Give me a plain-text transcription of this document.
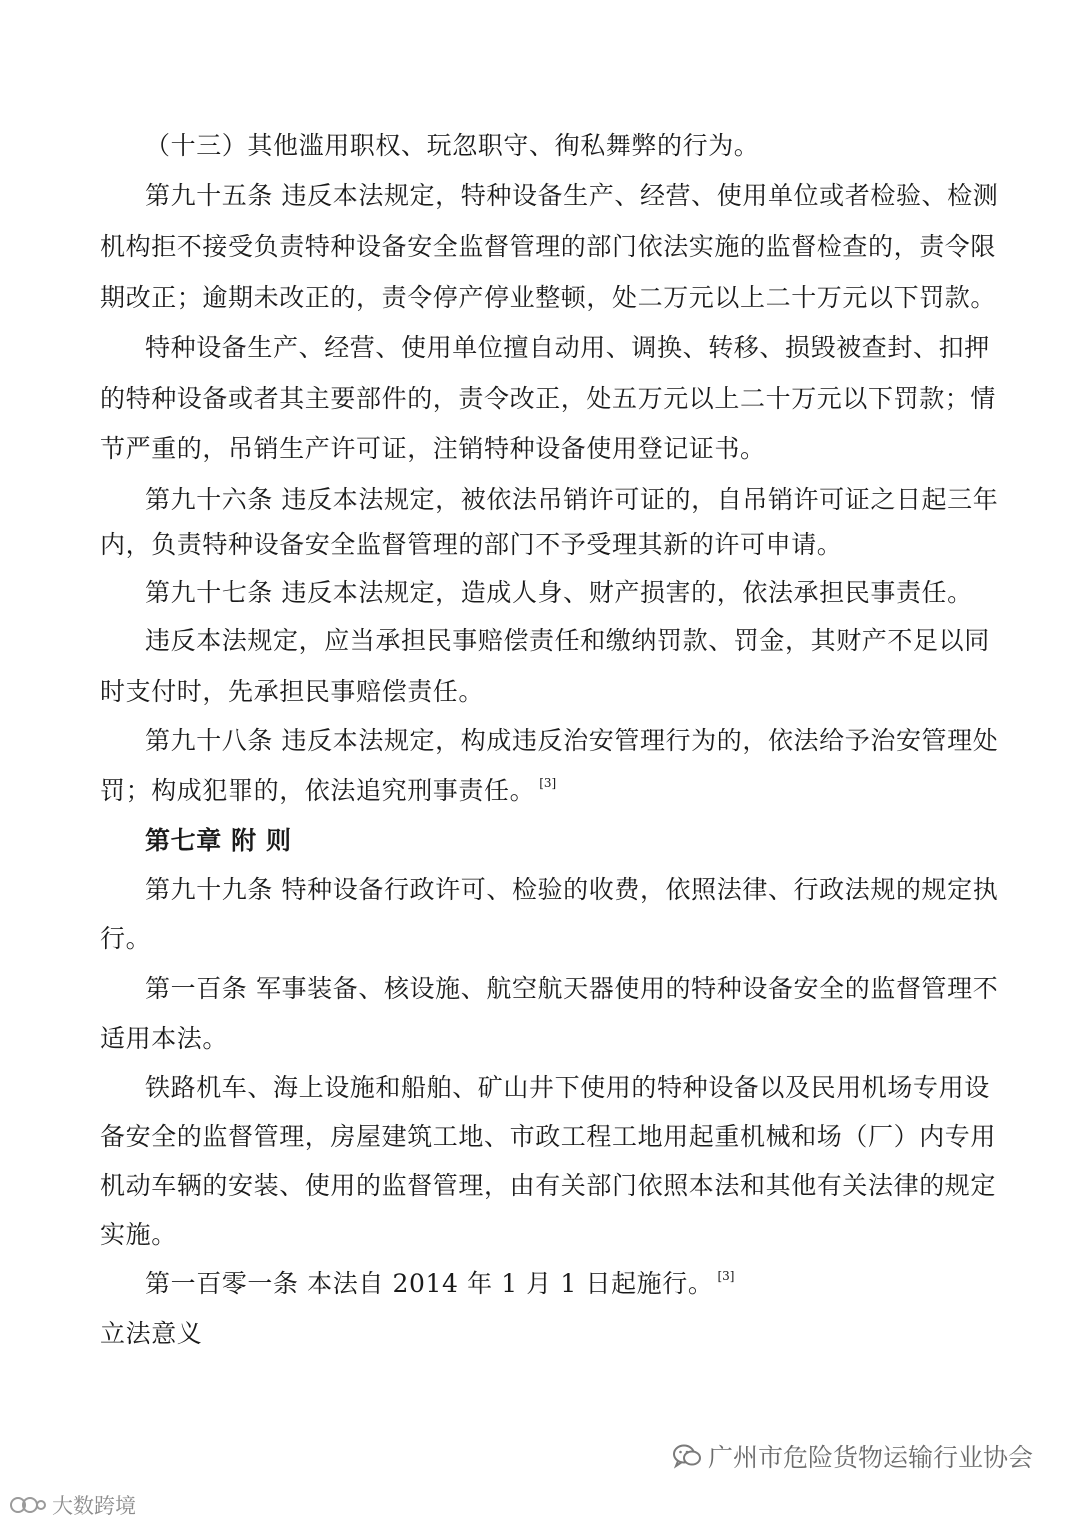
（十三）其他滥用职权、玩忽职守、徇私舞弊的行为。
第九十五条 违反本法规定，特种设备生产、经营、使用单位或者检验、检测
机构拒不接受负责特种设备安全监督管理的部门依法实施的监督检查的，责令限
期改正；逾期未改正的，责令停产停业整顿，处二万元以上二十万元以下罚款。
特种设备生产、经营、使用单位擅自动用、调换、转移、损毁被查封、扣押
的特种设备或者其主要部件的，责令改正，处五万元以上二十万元以下罚款；情
节严重的，吊销生产许可证，注销特种设备使用登记证书。
第九十六条 违反本法规定，被依法吊销许可证的，自吊销许可证之日起三年
内，负责特种设备安全监督管理的部门不予受理其新的许可申请。
第九十七条 违反本法规定，造成人身、财产损害的，依法承担民事责任。
违反本法规定，应当承担民事赔偿责任和缴纳罚款、罚金，其财产不足以同
时支付时，先承担民事赔偿责任。
第九十八条 违反本法规定，构成违反治安管理行为的，依法给予治安管理处
罚；构成犯罪的，依法追究刑事责任。 [3]
第七章 附 则
第九十九条 特种设备行政许可、检验的收费，依照法律、行政法规的规定执
行。
第一百条 军事装备、核设施、航空航天器使用的特种设备安全的监督管理不
适用本法。
铁路机车、海上设施和船舶、矿山井下使用的特种设备以及民用机场专用设
备安全的监督管理，房屋建筑工地、市政工程工地用起重机械和场（厂）内专用
机动车辆的安装、使用的监督管理，由有关部门依照本法和其他有关法律的规定
实施。
第一百零一条 本法自 2014 年 1 月 1 日起施行。 [3]
立法意义
广州市危险货物运输行业协会
大数跨境
